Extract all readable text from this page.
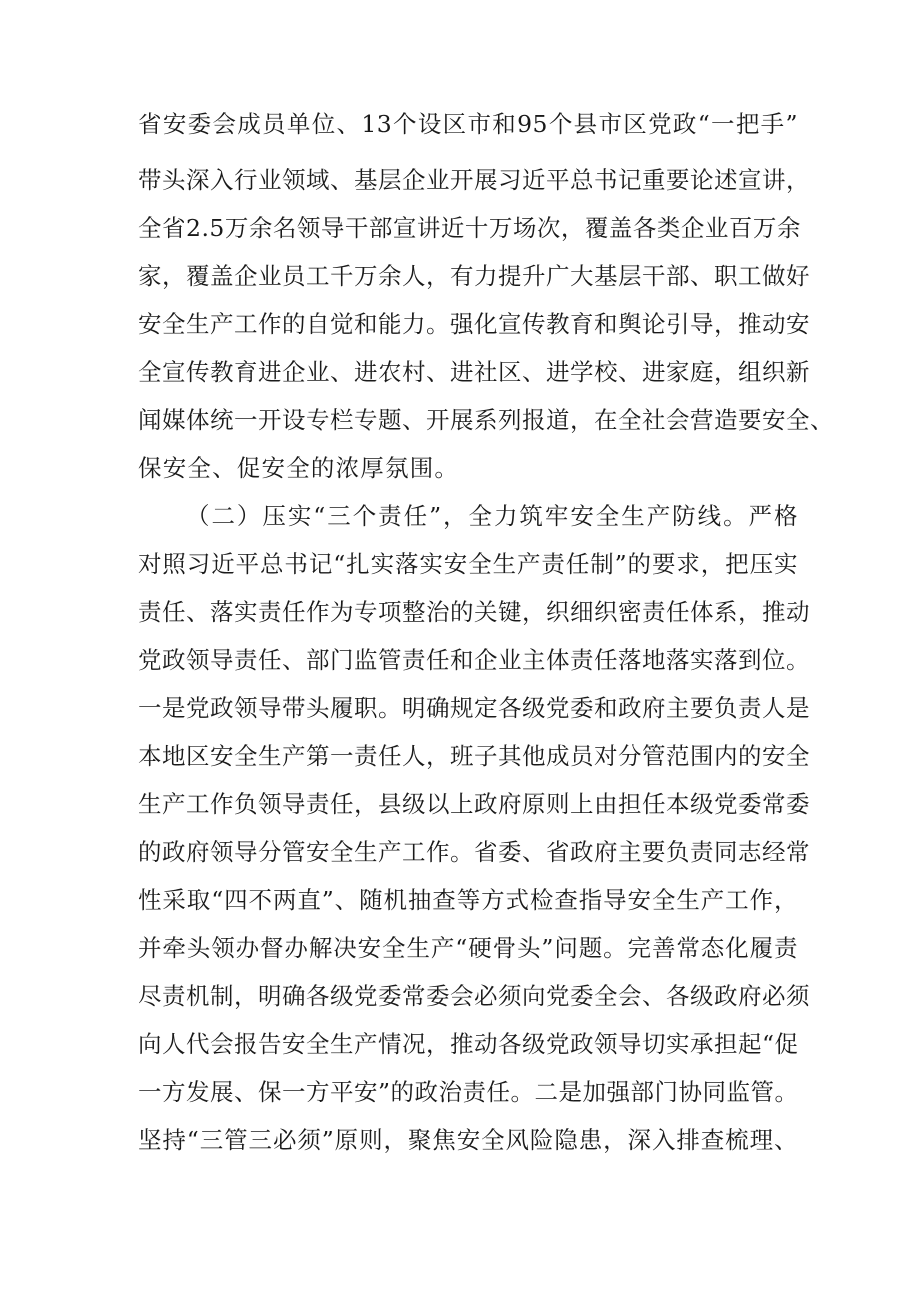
省安委会成员单位、13个设区市和95个县市区党政“一把手”
带头深入行业领域、基层企业开展习近平总书记重要论述宣讲，
全省2.5万余名领导干部宣讲近十万场次，覆盖各类企业百万余
家，覆盖企业员工千万余人，有力提升广大基层干部、职工做好
安全生产工作的自觉和能力。强化宣传教育和舆论引导，推动安
全宣传教育进企业、进农村、进社区、进学校、进家庭，组织新
闻媒体统一开设专栏专题、开展系列报道，在全社会营造要安全、
保安全、促安全的浓厚氛围。
（二）压实“三个责任”，全力筑牢安全生产防线。严格
对照习近平总书记“扎实落实安全生产责任制”的要求，把压实
责任、落实责任作为专项整治的关键，织细织密责任体系，推动
党政领导责任、部门监管责任和企业主体责任落地落实落到位。
一是党政领导带头履职。明确规定各级党委和政府主要负责人是
本地区安全生产第一责任人，班子其他成员对分管范围内的安全
生产工作负领导责任，县级以上政府原则上由担任本级党委常委
的政府领导分管安全生产工作。省委、省政府主要负责同志经常
性采取“四不两直”、随机抽查等方式检查指导安全生产工作，
并牵头领办督办解决安全生产“硬骨头”问题。完善常态化履责
尽责机制，明确各级党委常委会必须向党委全会、各级政府必须
向人代会报告安全生产情况，推动各级党政领导切实承担起“促
一方发展、保一方平安”的政治责任。二是加强部门协同监管。
坚持“三管三必须”原则，聚焦安全风险隐患，深入排查梳理、
